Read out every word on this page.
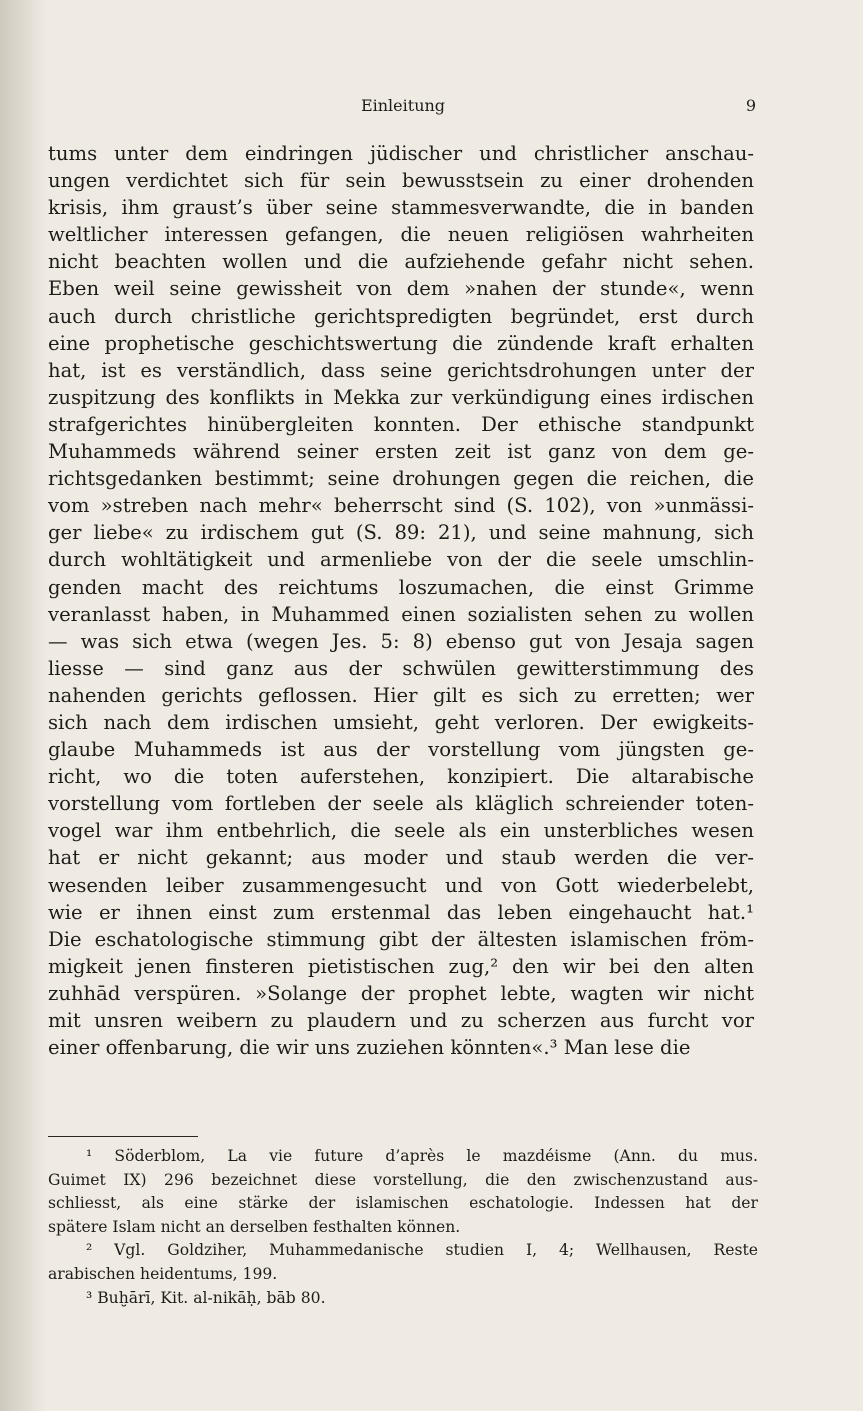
Einleitung	9
tums unter dem eindringen jüdischer und christlicher anschau-
ungen verdichtet sich für sein bewusstsein zu einer drohenden
krisis, ihm graust’s über seine stammesverwandte, die in banden
weltlicher interessen gefangen, die neuen religiösen wahrheiten
nicht beachten wollen und die aufziehende gefahr nicht sehen.
Eben weil seine gewissheit von dem »nahen der stunde«, wenn
auch durch christliche gerichtspredigten begründet, erst durch
eine prophetische geschichtswertung die zündende kraft erhalten
hat, ist es verständlich, dass seine gerichtsdrohungen unter der
zuspitzung des konflikts in Mekka zur verkündigung eines irdischen
strafgerichtes hinübergleiten konnten. Der ethische standpunkt
Muhammeds während seiner ersten zeit ist ganz von dem ge-
richtsgedanken bestimmt; seine drohungen gegen die reichen, die
vom »streben nach mehr« beherrscht sind (S. 102), von »unmässi-
ger liebe« zu irdischem gut (S. 89: 21), und seine mahnung, sich
durch wohltätigkeit und armenliebe von der die seele umschlin-
genden macht des reichtums loszumachen, die einst Grimme
veranlasst haben, in Muhammed einen sozialisten sehen zu wollen
— was sich etwa (wegen Jes. 5: 8) ebenso gut von Jesaja sagen
liesse — sind ganz aus der schwülen gewitterstimmung des
nahenden gerichts geflossen. Hier gilt es sich zu erretten; wer
sich nach dem irdischen umsieht, geht verloren. Der ewigkeits-
glaube Muhammeds ist aus der vorstellung vom jüngsten ge-
richt, wo die toten auferstehen, konzipiert. Die altarabische
vorstellung vom fortleben der seele als kläglich schreiender toten-
vogel war ihm entbehrlich, die seele als ein unsterbliches wesen
hat er nicht gekannt; aus moder und staub werden die ver-
wesenden leiber zusammengesucht und von Gott wiederbelebt,
wie er ihnen einst zum erstenmal das leben eingehaucht hat.¹
Die eschatologische stimmung gibt der ältesten islamischen fröm-
migkeit jenen finsteren pietistischen zug,² den wir bei den alten
zuhhād verspüren. »Solange der prophet lebte, wagten wir nicht
mit unsren weibern zu plaudern und zu scherzen aus furcht vor
einer offenbarung, die wir uns zuziehen könnten«.³ Man lese die
¹ Söderblom, La vie future d’après le mazdéisme (Ann. du mus.
Guimet IX) 296 bezeichnet diese vorstellung, die den zwischenzustand aus-
schliesst, als eine stärke der islamischen eschatologie. Indessen hat der
spätere Islam nicht an derselben festhalten können.
² Vgl. Goldziher, Muhammedanische studien I, 4; Wellhausen, Reste
arabischen heidentums, 199.
³ Buḫārī, Kit. al-nikāḥ, bāb 80.
